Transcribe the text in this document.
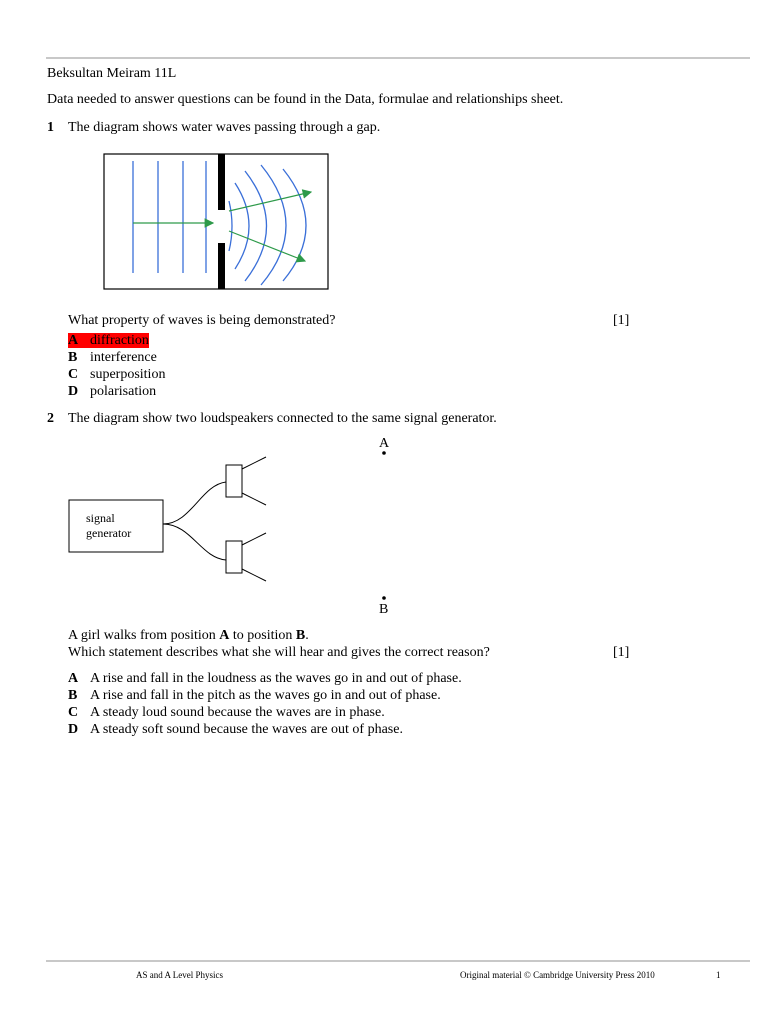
Beksultan Meiram 11L
Data needed to answer questions can be found in the Data, formulae and relationships sheet.
1 The diagram shows water waves passing through a gap.
What property of waves is being demonstrated?	[1]
A diffraction
B interference
C superposition
D polarisation
2 The diagram show two loudspeakers connected to the same signal generator.
A
B
signal
generator
A girl walks from position A to position B.
Which statement describes what she will hear and gives the correct reason?	[1]
A A rise and fall in the loudness as the waves go in and out of phase.
B A rise and fall in the pitch as the waves go in and out of phase.
C A steady loud sound because the waves are in phase.
D A steady soft sound because the waves are out of phase.
AS and A Level Physics	Original material © Cambridge University Press 2010	1
